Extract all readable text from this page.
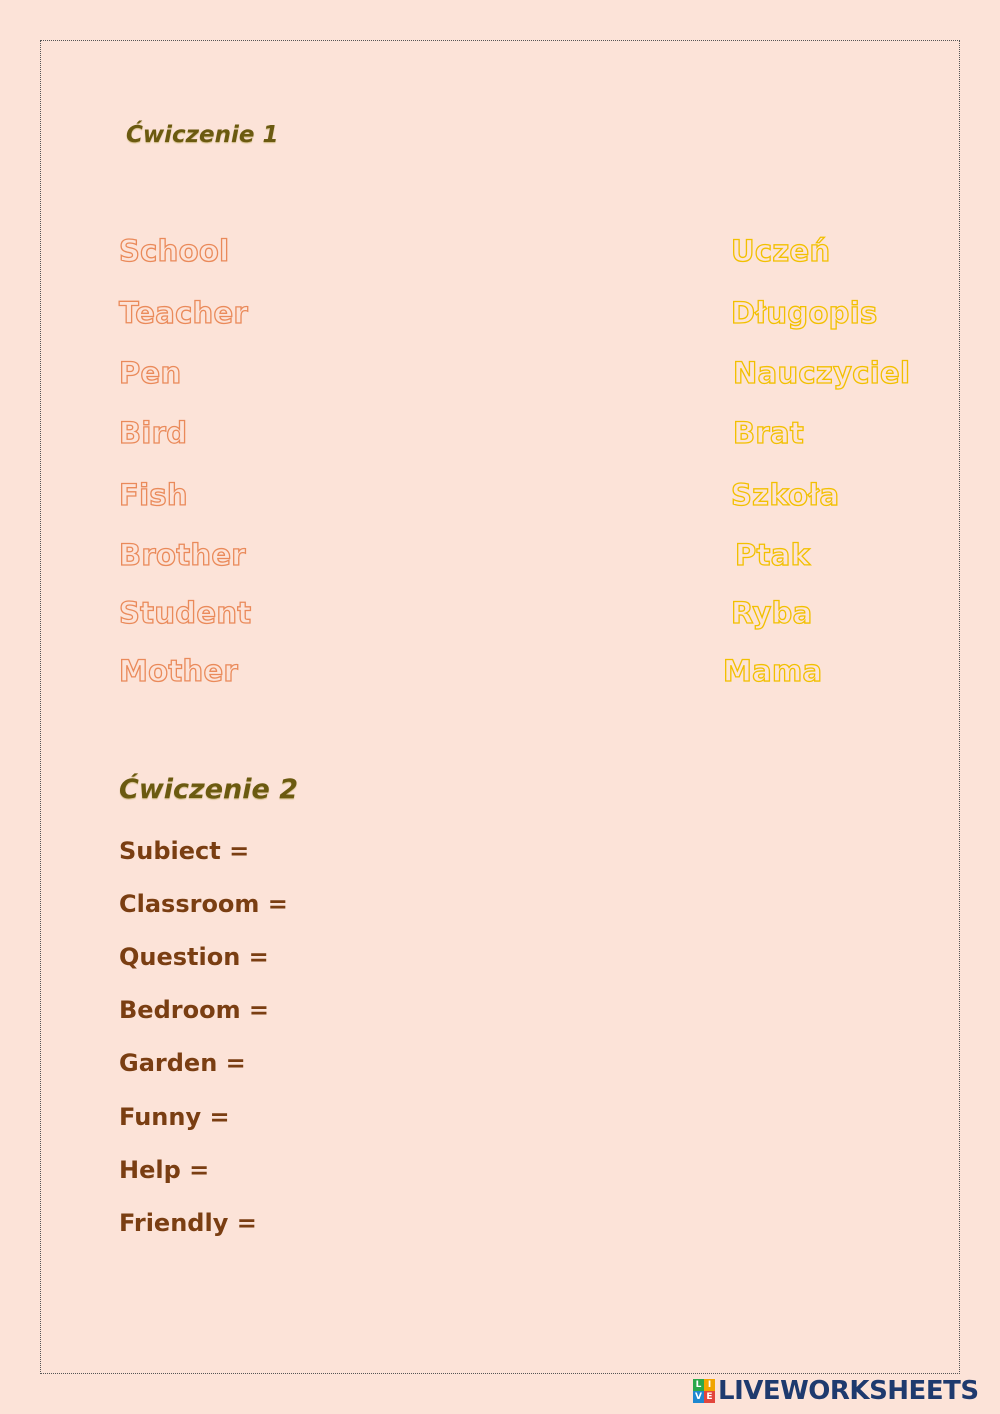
Ćwiczenie 1
School
Teacher
Pen
Bird
Fish
Brother
Student
Mother
Uczeń
Długopis
Nauczyciel
Brat
Szkoła
Ptak
Ryba
Mama
Ćwiczenie 2
Subiect =
Classroom =
Question =
Bedroom =
Garden =
Funny =
Help =
Friendly =
L I
V E LIVEWORKSHEETS
